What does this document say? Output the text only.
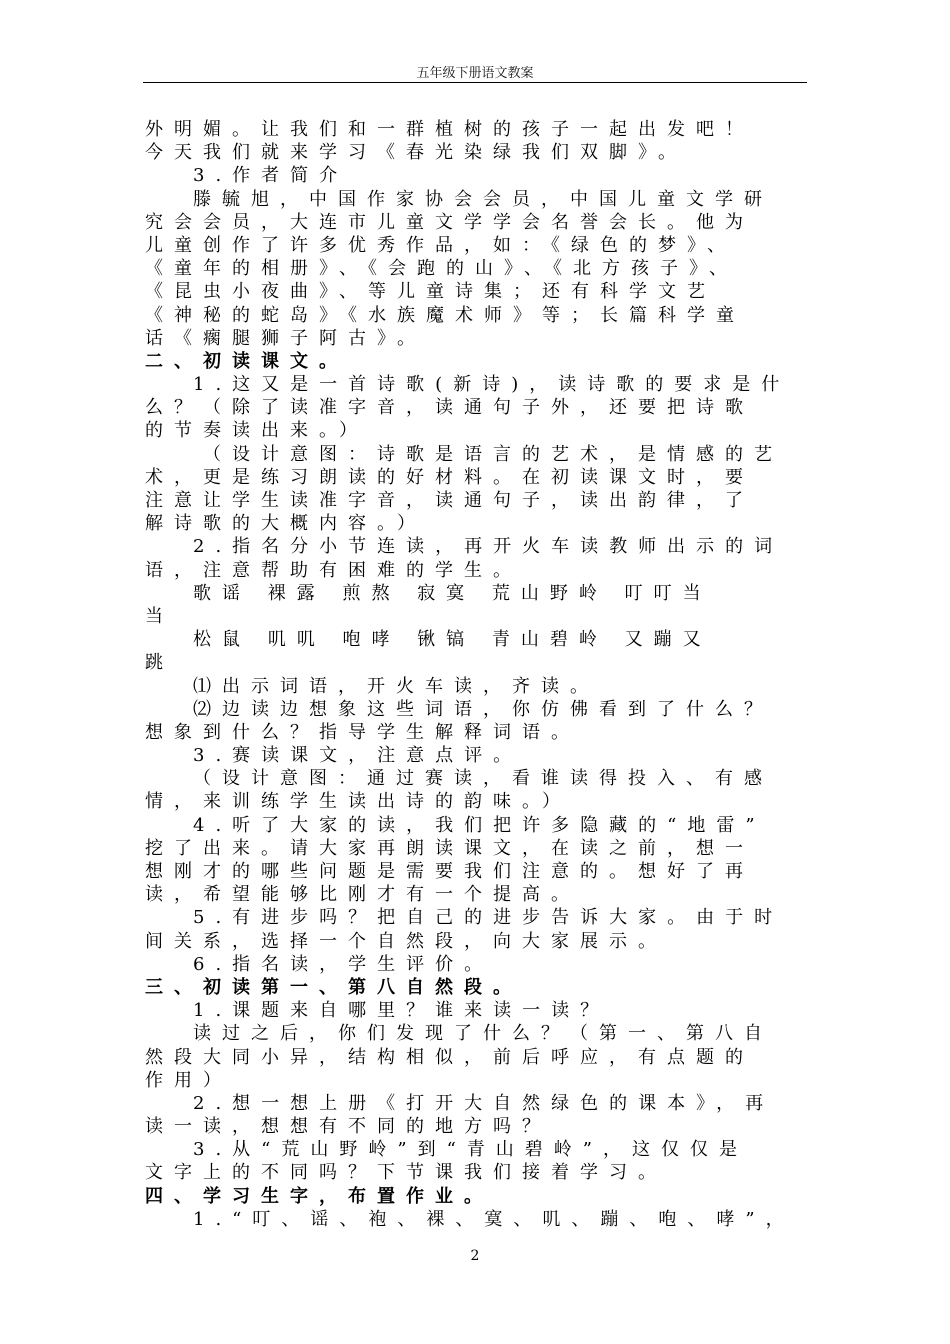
五年级下册语文教案
外明媚。让我们和一群植树的孩子一起出发吧！
今天我们就来学习《春光染绿我们双脚》。
3.作者简介
滕毓旭，中国作家协会会员，中国儿童文学研
究会会员，大连市儿童文学学会名誉会长。他为
儿童创作了许多优秀作品，如：《绿色的梦》、
《童年的相册》、《会跑的山》、《北方孩子》、
《昆虫小夜曲》、等儿童诗集；还有科学文艺
《神秘的蛇岛》《水族魔术师》等；长篇科学童
话《瘸腿狮子阿古》。
二、初读课文。
1.这又是一首诗歌(新诗)，读诗歌的要求是什
么？（除了读准字音，读通句子外，还要把诗歌
的节奏读出来。）
（设计意图：诗歌是语言的艺术，是情感的艺
术，更是练习朗读的好材料。在初读课文时，要
注意让学生读准字音，读通句子，读出韵律，了
解诗歌的大概内容。）
2.指名分小节连读，再开火车读教师出示的词
语，注意帮助有困难的学生。
歌谣 裸露 煎熬 寂寞 荒山野岭 叮叮当
当
松鼠 叽叽 咆哮 锹镐 青山碧岭 又蹦又
跳
⑴出示词语，开火车读，齐读。
⑵边读边想象这些词语，你仿佛看到了什么？
想象到什么？指导学生解释词语。
3.赛读课文，注意点评。
（设计意图：通过赛读，看谁读得投入、有感
情，来训练学生读出诗的韵味。）
4.听了大家的读，我们把许多隐藏的“地雷”
挖了出来。请大家再朗读课文，在读之前，想一
想刚才的哪些问题是需要我们注意的。想好了再
读，希望能够比刚才有一个提高。
5.有进步吗？把自己的进步告诉大家。由于时
间关系，选择一个自然段，向大家展示。
6.指名读，学生评价。
三、初读第一、第八自然段。
1.课题来自哪里？谁来读一读？
读过之后，你们发现了什么？（第一、第八自
然段大同小异，结构相似，前后呼应，有点题的
作用）
2.想一想上册《打开大自然绿色的课本》，再
读一读，想想有不同的地方吗？
3.从“荒山野岭”到“青山碧岭”，这仅仅是
文字上的不同吗？下节课我们接着学习。
四、学习生字，布置作业。
1.“叮、谣、袍、裸、寞、叽、蹦、咆、哮”，
2
